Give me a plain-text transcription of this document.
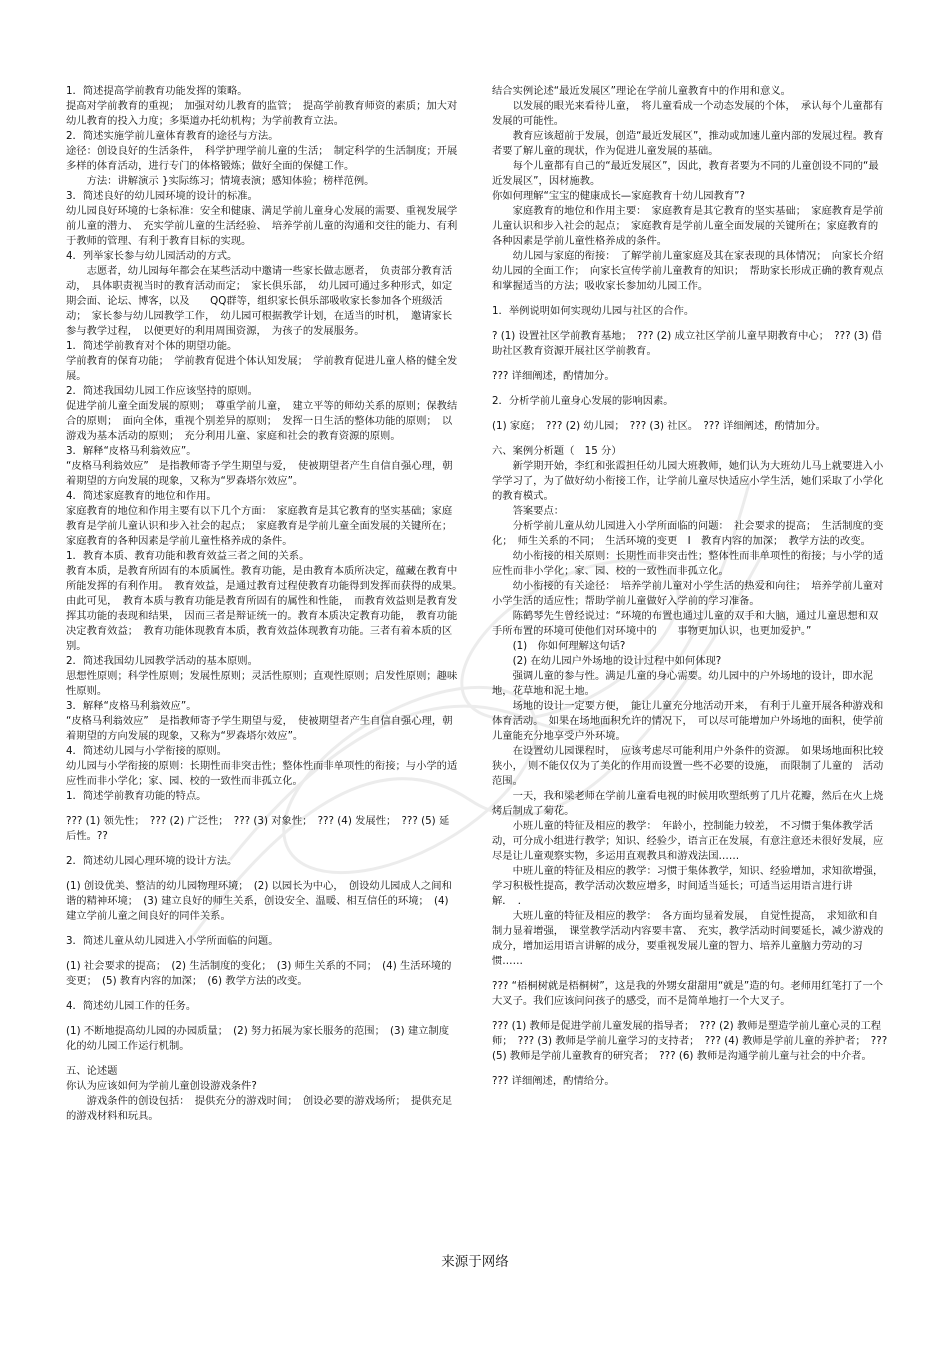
1．简述提高学前教育功能发挥的策略。

提高对学前教育的重视；　加强对幼儿教育的监管；　提高学前教育师资的素质；加大对幼儿教育的投入力度；多渠道办托幼机构；为学前教育立法。

2．简述实施学前儿童体育教育的途径与方法。

途径：创设良好的生活条件，　科学护理学前儿童的生活；　制定科学的生活制度；开展多样的体育活动，进行专门的体格锻炼；做好全面的保健工作。

方法：讲解演示 }实际练习；情境表演；感知体验；榜样范例。

3．简述良好的幼儿园环境的设计的标准。

幼儿园良好环境的七条标准：安全和健康、满足学前儿童身心发展的需要、重视发展学前儿童的潜力、　充实学前儿童的生活经验、　培养学前儿童的沟通和交往的能力、有利于教师的管理、有利于教育目标的实现。

4．列举家长参与幼儿园活动的方式。

志愿者，幼儿园每年都会在某些活动中邀请一些家长做志愿者，　负责部分教育活动，　具体职责视当时的教育活动而定；　家长俱乐部，　幼儿园可通过多种形式，如定期会面、论坛、博客，以及　　QQ群等，组织家长俱乐部吸收家长参加各个班级活动；　家长参与幼儿园教学工作，　幼儿园可根据教学计划，在适当的时机，　邀请家长参与教学过程，　以便更好的利用周围资源，　为孩子的发展服务。

1．简述学前教育对个体的期望功能。

学前教育的保育功能；　学前教育促进个体认知发展；　学前教育促进儿童人格的健全发展。

2．简述我国幼儿园工作应该坚持的原则。

促进学前儿童全面发展的原则；　尊重学前儿童，　建立平等的师幼关系的原则；保教结合的原则；　面向全体，重视个别差异的原则；　发挥一日生活的整体功能的原则；　以游戏为基本活动的原则；　充分利用儿童、家庭和社会的教育资源的原则。

3．解释“皮格马利翁效应”。

“皮格马利翁效应”　是指教师寄予学生期望与爱，　使被期望者产生自信自强心理，朝着期望的方向发展的现象，又称为“罗森塔尔效应”。

4．简述家庭教育的地位和作用。

家庭教育的地位和作用主要有以下几个方面：　家庭教育是其它教育的坚实基础；家庭教育是学前儿童认识和步入社会的起点；　家庭教育是学前儿童全面发展的关键所在；家庭教育的各种因素是学前儿童性格养成的条件。

1．教育本质、教育功能和教育效益三者之间的关系。

教育本质，是教育所固有的本质属性。教育功能，是由教育本质所决定，蕴藏在教育中所能发挥的有利作用。　教育效益，是通过教育过程使教育功能得到发挥而获得的成果。　由此可见，　教育本质与教育功能是教育所固有的属性和性能，　而教育效益则是教育发挥其功能的表现和结果，　因而三者是辩证统一的。教育本质决定教育功能，　教育功能决定教育效益；　教育功能体现教育本质，教育效益体现教育功能。三者有着本质的区别。

2．简述我国幼儿园教学活动的基本原则。

思想性原则；科学性原则；发展性原则；灵活性原则；直观性原则；启发性原则；趣味性原则。

3．解释“皮格马利翁效应”。

“皮格马利翁效应”　是指教师寄予学生期望与爱，　使被期望者产生自信自强心理，朝着期望的方向发展的现象，又称为“罗森塔尔效应”。

4．简述幼儿园与小学衔接的原则。

幼儿园与小学衔接的原则：长期性而非突击性；整体性而非单项性的衔接；与小学的适应性而非小学化；家、园、校的一致性而非孤立化。

1．简述学前教育功能的特点。

??? (1) 领先性；　??? (2) 广泛性；　??? (3) 对象性；　??? (4) 发展性；　??? (5) 延后性。??

2．简述幼儿园心理环境的设计方法。

(1) 创设优美、整洁的幼儿园物理环境；　(2) 以园长为中心，　创设幼儿园成人之间和谐的精神环境；　(3) 建立良好的师生关系，创设安全、温暖、相互信任的环境；　(4) 建立学前儿童之间良好的同伴关系。

3．简述儿童从幼儿园进入小学所面临的问题。

(1) 社会要求的提高；　(2) 生活制度的变化；　(3) 师生关系的不同；　(4) 生活环境的变更；　(5) 教育内容的加深；　(6) 教学方法的改变。

4．简述幼儿园工作的任务。

(1) 不断地提高幼儿园的办园质量；　(2) 努力拓展为家长服务的范围；　(3) 建立制度化的幼儿园工作运行机制。

五、论述题

你认为应该如何为学前儿童创设游戏条件?

游戏条件的创设包括：　提供充分的游戏时间；　创设必要的游戏场所；　提供充足的游戏材料和玩具。

结合实例论述“最近发展区”理论在学前儿童教育中的作用和意义。

以发展的眼光来看待儿童，　将儿童看成一个动态发展的个体，　承认每个儿童都有发展的可能性。

教育应该超前于发展，创造“最近发展区”，推动或加速儿童内部的发展过程。教育者要了解儿童的现状，作为促进儿童发展的基础。

每个儿童都有自己的“最近发展区”，因此，教育者要为不同的儿童创设不同的“最近发展区”，因材施教。

你如何理解“宝宝的健康成长—家庭教育十幼儿园教育”?

家庭教育的地位和作用主要：　家庭教育是其它教育的坚实基础；　家庭教育是学前儿童认识和步入社会的起点；　家庭教育是学前儿童全面发展的关键所在；家庭教育的各种因素是学前儿童性格养成的条件。

幼儿园与家庭的衔接：　了解学前儿童家庭及其在家表现的具体情况；　向家长介绍幼儿园的全面工作；　向家长宣传学前儿童教育的知识；　帮助家长形成正确的教育观点和掌握适当的方法；吸收家长参加幼儿园工作。

1．举例说明如何实现幼儿园与社区的合作。

? (1) 设置社区学前教育基地；　??? (2) 成立社区学前儿童早期教育中心；　??? (3) 借助社区教育资源开展社区学前教育。

??? 详细阐述，酌情加分。

2．分析学前儿童身心发展的影响因素。

(1) 家庭；　??? (2) 幼儿园；　??? (3) 社区。　??? 详细阐述，酌情加分。

六、案例分析题（　15 分）

新学期开始，李红和张霞担任幼儿园大班教师，她们认为大班幼儿马上就要进入小学学习了，为了做好幼小衔接工作，让学前儿童尽快适应小学生活，她们采取了小学化的教育模式。

答案要点：

分析学前儿童从幼儿园进入小学所面临的问题：　社会要求的提高；　生活制度的变化；　师生关系的不同；　生活环境的变更　I　教育内容的加深；　教学方法的改变。

幼小衔接的相关原则：长期性而非突击性；整体性而非单项性的衔接；与小学的适应性而非小学化；家、园、校的一致性而非孤立化。

幼小衔接的有关途径：　培养学前儿童对小学生活的热爱和向往；　培养学前儿童对小学生活的适应性；帮助学前儿童做好入学前的学习准备。

陈鹤琴先生曾经说过：“环境的布置也通过儿童的双手和大脑，通过儿童思想和双手所布置的环境可使他们对环境中的　　事物更加认识，也更加爱护。”

(1)　你如何理解这句话?

(2) 在幼儿园户外场地的设计过程中如何体现?

强调儿童的参与性。满足儿童的身心需要。幼儿园中的户外场地的设计，即水泥地，花草地和泥土地。

场地的设计一定要方便，　能让儿童充分地活动开来，　有利于儿童开展各种游戏和体育活动。　如果在场地面积允许的情况下，　可以尽可能增加户外场地的面积，使学前儿童能充分地享受户外环境。

在设置幼儿园课程时，　应该考虑尽可能利用户外条件的资源。　如果场地面积比较狭小，　则不能仅仅为了美化的作用而设置一些不必要的设施，　而限制了儿童的　活动范围。

一天，我和梁老师在学前儿童看电视的时候用吹塑纸剪了几片花瓣，然后在火上烧烤后制成了菊花。

小班儿童的特征及相应的教学：　年龄小，控制能力较差，　不习惯于集体教学活动，可分成小组进行教学；知识、经验少，语言正在发展，有意注意还未很好发展，应尽是让儿童观察实物，多运用直观教具和游戏法国……

中班儿童的特征及相应的教学：习惯于集体教学，知识、经验增加，求知欲增强，学习积极性提高，教学活动次数应增多，时间适当延长；可适当运用语言进行讲解．　．

大班儿童的特征及相应的教学：　各方面均显着发展，　自觉性提高，　求知欲和自制力显着增强，　课堂教学活动内容要丰富、　充实，教学活动时间要延长，减少游戏的成分，增加运用语言讲解的成分，要重视发展儿童的智力、培养儿童脑力劳动的习惯……

??? “梧桐树就是梧桐树”，这是我的外甥女甜甜用“就是”造的句。老师用红笔打了一个大叉子。我们应该问问孩子的感受，而不是简单地打一个大叉子。

??? (1) 教师是促进学前儿童发展的指导者；　??? (2) 教师是塑造学前儿童心灵的工程师；　??? (3) 教师是学前儿童学习的支持者；　??? (4) 教师是学前儿童的养护者；　??? (5) 教师是学前儿童教育的研究者；　??? (6) 教师是沟通学前儿童与社会的中介者。

??? 详细阐述，酌情给分。

来源于网络
